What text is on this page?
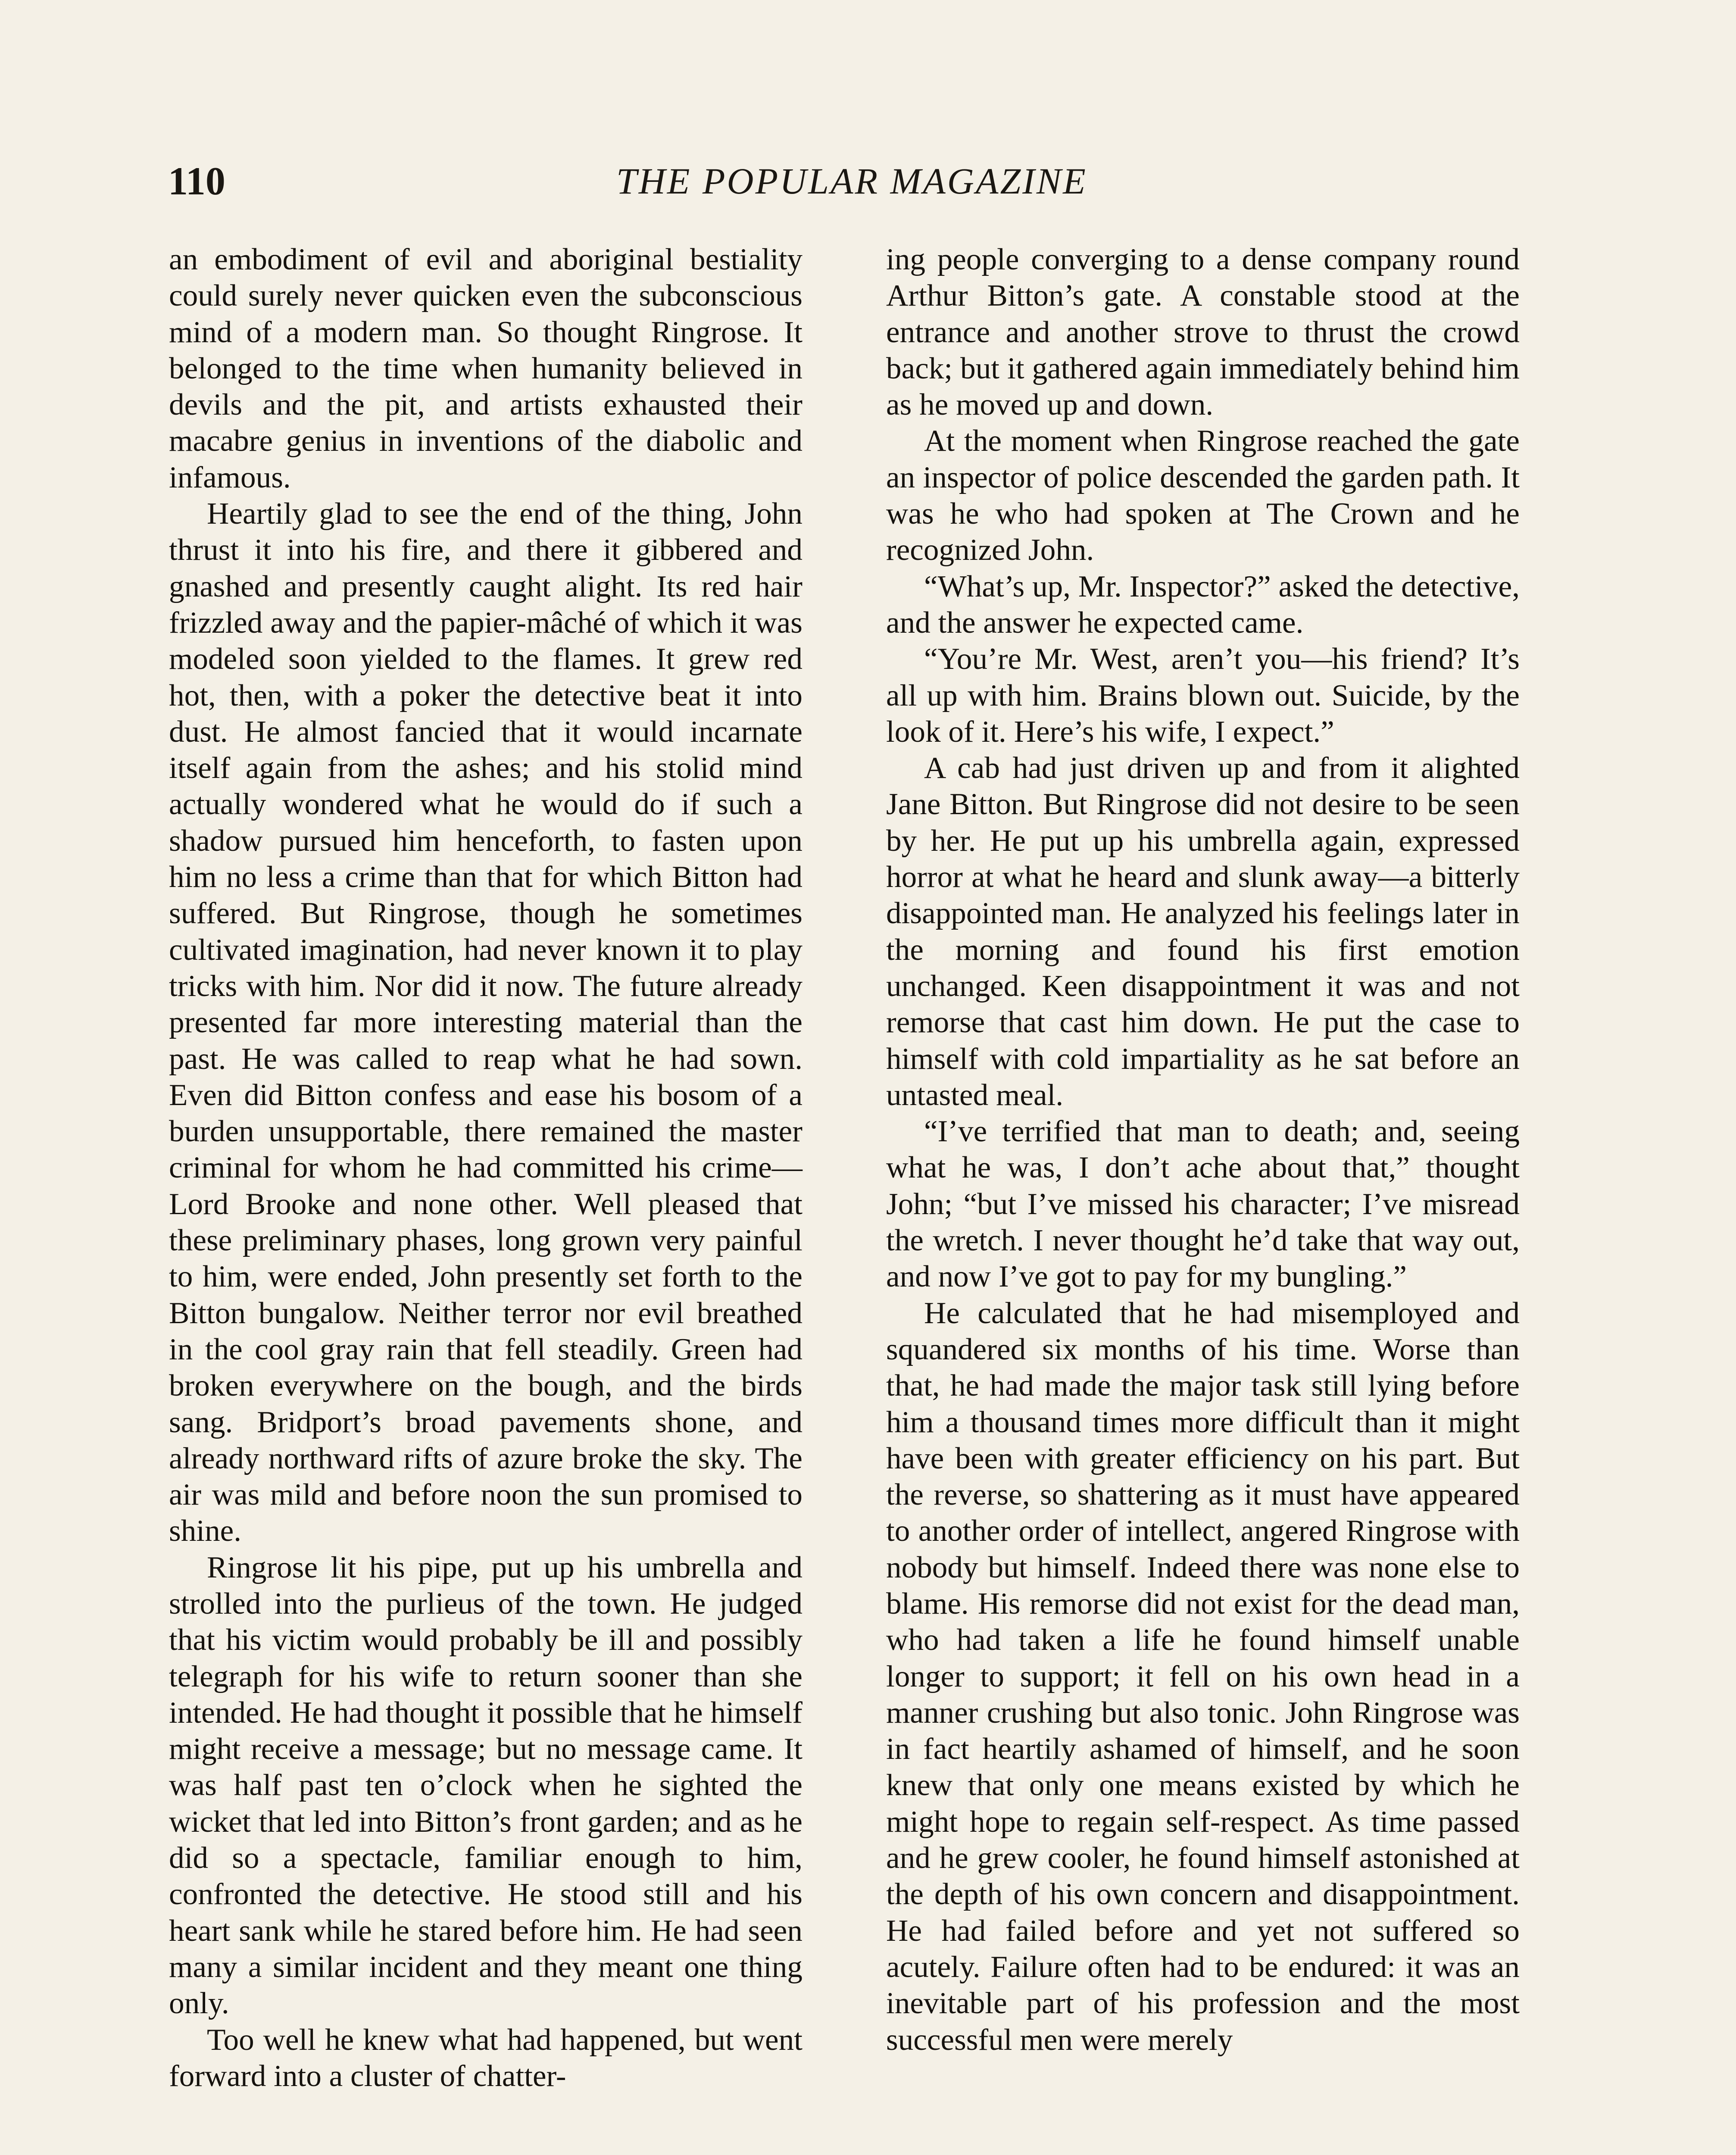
110	THE POPULAR MAGAZINE

an embodiment of evil and aboriginal bestiality could surely never quicken even the subconscious mind of a modern man. So thought Ringrose. It belonged to the time when humanity believed in devils and the pit, and artists exhausted their macabre genius in inventions of the diabolic and infamous.

Heartily glad to see the end of the thing, John thrust it into his fire, and there it gibbered and gnashed and presently caught alight. Its red hair frizzled away and the papier-mâché of which it was modeled soon yielded to the flames. It grew red hot, then, with a poker the detective beat it into dust. He almost fancied that it would incarnate itself again from the ashes; and his stolid mind actually wondered what he would do if such a shadow pursued him henceforth, to fasten upon him no less a crime than that for which Bitton had suffered. But Ringrose, though he sometimes cultivated imagination, had never known it to play tricks with him. Nor did it now. The future already presented far more interesting material than the past. He was called to reap what he had sown. Even did Bitton confess and ease his bosom of a burden unsupportable, there remained the master criminal for whom he had committed his crime—Lord Brooke and none other. Well pleased that these preliminary phases, long grown very painful to him, were ended, John presently set forth to the Bitton bungalow. Neither terror nor evil breathed in the cool gray rain that fell steadily. Green had broken everywhere on the bough, and the birds sang. Bridport’s broad pavements shone, and already northward rifts of azure broke the sky. The air was mild and before noon the sun promised to shine.

Ringrose lit his pipe, put up his umbrella and strolled into the purlieus of the town. He judged that his victim would probably be ill and possibly telegraph for his wife to return sooner than she intended. He had thought it possible that he himself might receive a message; but no message came. It was half past ten o’clock when he sighted the wicket that led into Bitton’s front garden; and as he did so a spectacle, familiar enough to him, confronted the detective. He stood still and his heart sank while he stared before him. He had seen many a similar incident and they meant one thing only.

Too well he knew what had happened, but went forward into a cluster of chatter-

ing people converging to a dense company round Arthur Bitton’s gate. A constable stood at the entrance and another strove to thrust the crowd back; but it gathered again immediately behind him as he moved up and down.

At the moment when Ringrose reached the gate an inspector of police descended the garden path. It was he who had spoken at The Crown and he recognized John.

“What’s up, Mr. Inspector?” asked the detective, and the answer he expected came.

“You’re Mr. West, aren’t you—his friend? It’s all up with him. Brains blown out. Suicide, by the look of it. Here’s his wife, I expect.”

A cab had just driven up and from it alighted Jane Bitton. But Ringrose did not desire to be seen by her. He put up his umbrella again, expressed horror at what he heard and slunk away—a bitterly disappointed man. He analyzed his feelings later in the morning and found his first emotion unchanged. Keen disappointment it was and not remorse that cast him down. He put the case to himself with cold impartiality as he sat before an untasted meal.

“I’ve terrified that man to death; and, seeing what he was, I don’t ache about that,” thought John; “but I’ve missed his character; I’ve misread the wretch. I never thought he’d take that way out, and now I’ve got to pay for my bungling.”

He calculated that he had misemployed and squandered six months of his time. Worse than that, he had made the major task still lying before him a thousand times more difficult than it might have been with greater efficiency on his part. But the reverse, so shattering as it must have appeared to another order of intellect, angered Ringrose with nobody but himself. Indeed there was none else to blame. His remorse did not exist for the dead man, who had taken a life he found himself unable longer to support; it fell on his own head in a manner crushing but also tonic. John Ringrose was in fact heartily ashamed of himself, and he soon knew that only one means existed by which he might hope to regain self-respect. As time passed and he grew cooler, he found himself astonished at the depth of his own concern and disappointment. He had failed before and yet not suffered so acutely. Failure often had to be endured: it was an inevitable part of his profession and the most successful men were merely
